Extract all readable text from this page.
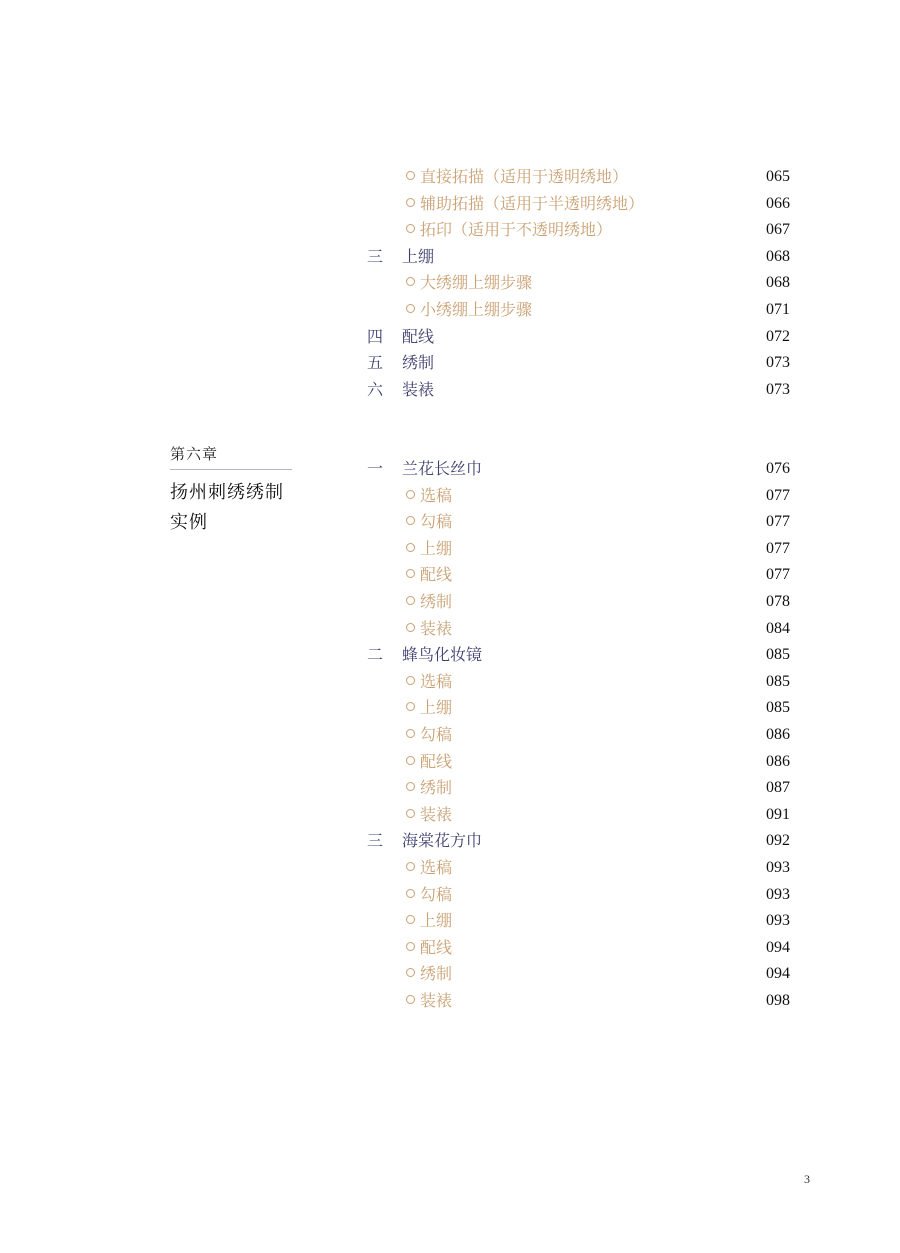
直接拓描（适用于透明绣地）	065
辅助拓描（适用于半透明绣地）	066
拓印（适用于不透明绣地）	067
三	上绷	068
大绣绷上绷步骤	068
小绣绷上绷步骤	071
四	配线	072
五	绣制	073
六	装裱	073
第六章
扬州刺绣绣制实例
一	兰花长丝巾	076
选稿	077
勾稿	077
上绷	077
配线	077
绣制	078
装裱	084
二	蜂鸟化妆镜	085
选稿	085
上绷	085
勾稿	086
配线	086
绣制	087
装裱	091
三	海棠花方巾	092
选稿	093
勾稿	093
上绷	093
配线	094
绣制	094
装裱	098
3
